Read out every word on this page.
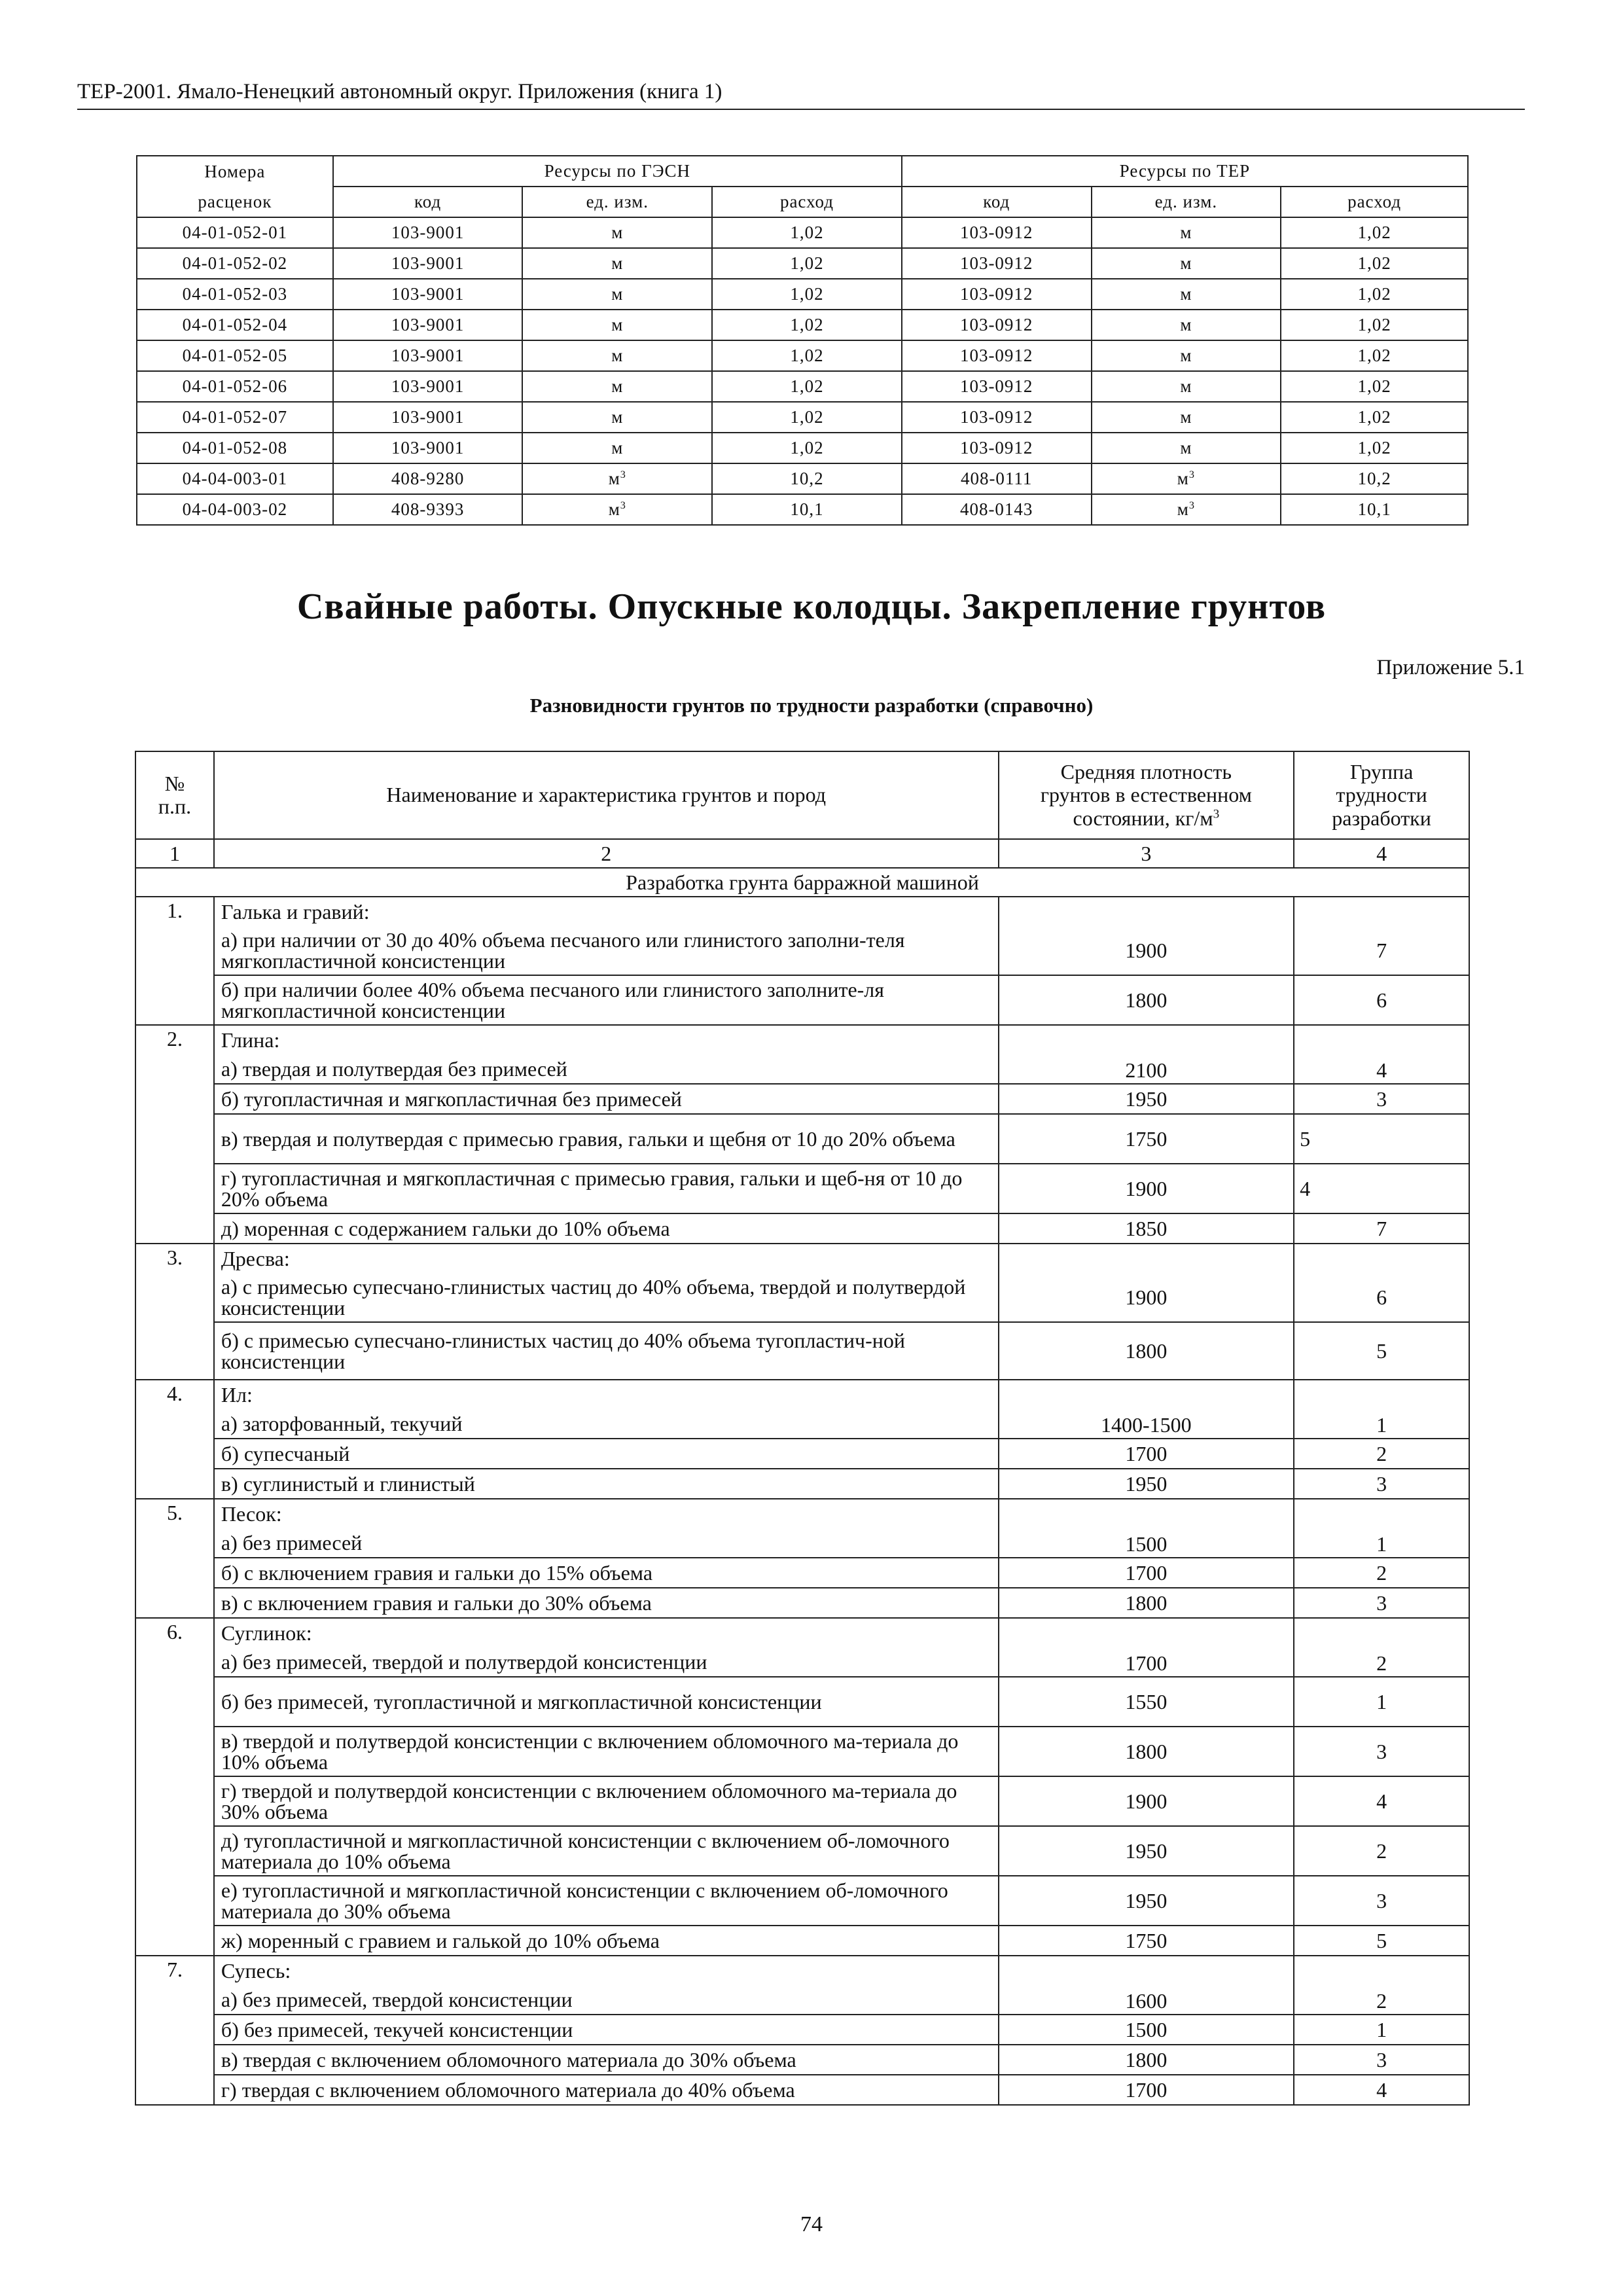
ТЕР-2001. Ямало-Ненецкий автономный округ. Приложения (книга 1)
Номера	Ресурсы по ГЭСН			Ресурсы по ТЕР		
расценок	код	ед. изм.	расход	код	ед. изм.	расход
04-01-052-01	103-9001	м	1,02	103-0912	м	1,02
04-01-052-02	103-9001	м	1,02	103-0912	м	1,02
04-01-052-03	103-9001	м	1,02	103-0912	м	1,02
04-01-052-04	103-9001	м	1,02	103-0912	м	1,02
04-01-052-05	103-9001	м	1,02	103-0912	м	1,02
04-01-052-06	103-9001	м	1,02	103-0912	м	1,02
04-01-052-07	103-9001	м	1,02	103-0912	м	1,02
04-01-052-08	103-9001	м	1,02	103-0912	м	1,02
04-04-003-01	408-9280	$м^3$	10,2	408-0111	$м^3$	10,2
04-04-003-02	408-9393	$м^3$	10,1	408-0143	$м^3$	10,1
Свайные работы. Опускные колодцы. Закрепление грунтов
Приложение 5.1
Разновидности грунтов по трудности разработки (справочно)
№
п.п.	Наименование и характеристика грунтов и пород	Средняя плотность
грунтов в естественном
состоянии, $кг/м^3$	Группа
трудности
разработки
1	2	3	4
Разработка грунта барражной машиной			
1.	Галька и гравий:		
	а) при наличии от 30 до 40% объема песчаного или глинистого заполни-теля мягкопластичной консистенции	1900	7
	б) при наличии более 40% объема песчаного или глинистого заполните-ля мягкопластичной консистенции	1800	6
2.	Глина:		
	а) твердая и полутвердая без примесей	2100	4
	б) тугопластичная и мягкопластичная без примесей	1950	3
	в) твердая и полутвердая с примесью гравия, гальки и щебня от 10 до 20% объема	1750	5
	г) тугопластичная и мягкопластичная с примесью гравия, гальки и щеб-ня от 10 до 20% объема	1900	4
	д) моренная с содержанием гальки до 10% объема	1850	7
3.	Дресва:		
	а) с примесью супесчано-глинистых частиц до 40% объема, твердой и полутвердой консистенции	1900	6
	б) с примесью супесчано-глинистых частиц до 40% объема тугопластич-ной консистенции	1800	5
4.	Ил:		
	а) заторфованный, текучий	1400-1500	1
	б) супесчаный	1700	2
	в) суглинистый и глинистый	1950	3
5.	Песок:		
	а) без примесей	1500	1
	б) с включением гравия и гальки до 15% объема	1700	2
	в) с включением гравия и гальки до 30% объема	1800	3
6.	Суглинок:		
	а) без примесей, твердой и полутвердой консистенции	1700	2
	б) без примесей, тугопластичной и мягкопластичной консистенции	1550	1
	в) твердой и полутвердой консистенции с включением обломочного ма-териала до 10% объема	1800	3
	г) твердой и полутвердой консистенции с включением обломочного ма-териала до 30% объема	1900	4
	д) тугопластичной и мягкопластичной консистенции с включением об-ломочного материала до 10% объема	1950	2
	е) тугопластичной и мягкопластичной консистенции с включением об-ломочного материала до 30% объема	1950	3
	ж) моренный с гравием и галькой до 10% объема	1750	5
7.	Супесь:		
	а) без примесей, твердой консистенции	1600	2
	б) без примесей, текучей консистенции	1500	1
	в) твердая с включением обломочного материала до 30% объема	1800	3
	г) твердая с включением обломочного материала до 40% объема	1700	4
74
